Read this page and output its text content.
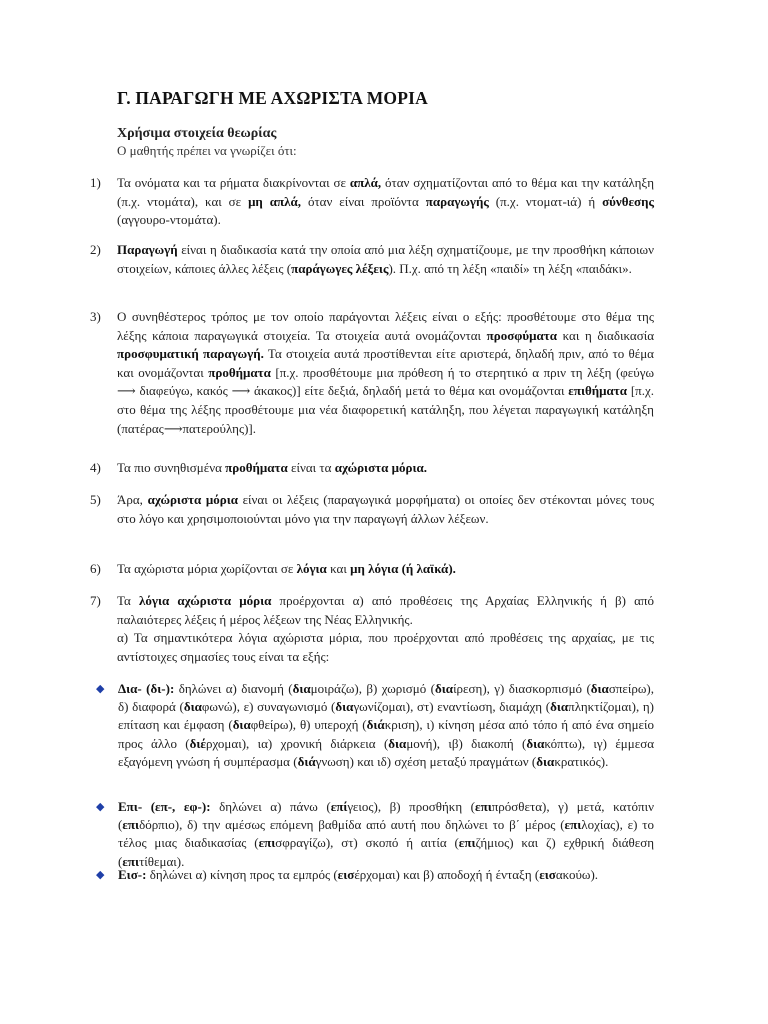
Γ. ΠΑΡΑΓΩΓΗ ΜΕ ΑΧΩΡΙΣΤΑ ΜΟΡΙΑ
Χρήσιμα στοιχεία θεωρίας
Ο μαθητής πρέπει να γνωρίζει ότι:
1)	Τα ονόματα και τα ρήματα διακρίνονται σε απλά, όταν σχηματίζονται από το θέμα και την κατάληξη (π.χ. ντομάτα), και σε μη απλά, όταν είναι προϊόντα παραγωγής (π.χ. ντοματ-ιά) ή σύνθεσης (αγγουρο-ντομάτα).
2)	Παραγωγή είναι η διαδικασία κατά την οποία από μια λέξη σχηματίζουμε, με την προσθήκη κάποιων στοιχείων, κάποιες άλλες λέξεις (παράγωγες λέξεις). Π.χ. από τη λέξη «παιδί» τη λέξη «παιδάκι».
3)	Ο συνηθέστερος τρόπος με τον οποίο παράγονται λέξεις είναι ο εξής: προσθέτουμε στο θέμα της λέξης κάποια παραγωγικά στοιχεία. Τα στοιχεία αυτά ονομάζονται προσφύματα και η διαδικασία προσφυματική παραγωγή. Τα στοιχεία αυτά προστίθενται είτε αριστερά, δηλαδή πριν, από το θέμα και ονομάζονται προθήματα [π.χ. προσθέτουμε μια πρόθεση ή το στερητικό α πριν τη λέξη (φεύγω ⟶ διαφεύγω, κακός ⟶ άκακος)] είτε δεξιά, δηλαδή μετά το θέμα και ονομάζονται επιθήματα [π.χ. στο θέμα της λέξης προσθέτουμε μια νέα διαφορετική κατάληξη, που λέγεται παραγωγική κατάληξη (πατέρας⟶πατερούλης)].
4)	Τα πιο συνηθισμένα προθήματα είναι τα αχώριστα μόρια.
5)	Άρα, αχώριστα μόρια είναι οι λέξεις (παραγωγικά μορφήματα) οι οποίες δεν στέκονται μόνες τους στο λόγο και χρησιμοποιούνται μόνο για την παραγωγή άλλων λέξεων.
6)	Τα αχώριστα μόρια χωρίζονται σε λόγια και μη λόγια (ή λαϊκά).
7)	Τα λόγια αχώριστα μόρια προέρχονται α) από προθέσεις της Αρχαίας Ελληνικής ή β) από παλαιότερες λέξεις ή μέρος λέξεων της Νέας Ελληνικής.
α) Τα σημαντικότερα λόγια αχώριστα μόρια, που προέρχονται από προθέσεις της αρχαίας, με τις αντίστοιχες σημασίες τους είναι τα εξής:
◆ Δια- (δι-): δηλώνει α) διανομή (διαμοιράζω), β) χωρισμό (διαίρεση), γ) διασκορπισμό (διασπείρω), δ) διαφορά (διαφωνώ), ε) συναγωνισμό (διαγωνίζομαι), στ) εναντίωση, διαμάχη (διαπληκτίζομαι), η) επίταση και έμφαση (διαφθείρω), θ) υπεροχή (διάκριση), ι) κίνηση μέσα από τόπο ή από ένα σημείο προς άλλο (διέρχομαι), ια) χρονική διάρκεια (διαμονή), ιβ) διακοπή (διακόπτω), ιγ) έμμεσα εξαγόμενη γνώση ή συμπέρασμα (διάγνωση) και ιδ) σχέση μεταξύ πραγμάτων (διακρατικός).
◆ Επι- (επ-, εφ-): δηλώνει α) πάνω (επίγειος), β) προσθήκη (επιπρόσθετα), γ) μετά, κατόπιν (επιδόρπιο), δ) την αμέσως επόμενη βαθμίδα από αυτή που δηλώνει το β΄ μέρος (επιλοχίας), ε) το τέλος μιας διαδικασίας (επισφραγίζω), στ) σκοπό ή αιτία (επιζήμιος) και ζ) εχθρική διάθεση (επιτίθεμαι).
◆ Εισ-: δηλώνει α) κίνηση προς τα εμπρός (εισέρχομαι) και β) αποδοχή ή ένταξη (εισακούω).
